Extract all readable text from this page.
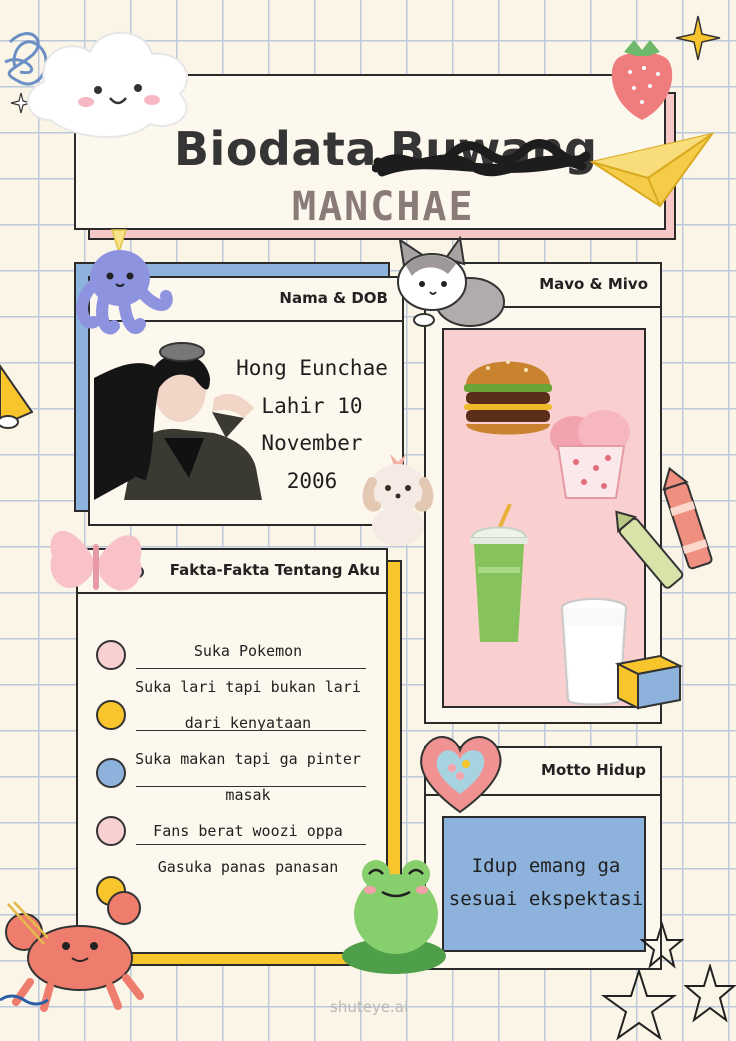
Biodata Buwang
MANCHAE
Nama & DOB
Hong Eunchae
Lahir 10
November
2006
Mavo & Mivo
Fakta-Fakta Tentang Aku
Suka Pokemon
Suka lari tapi bukan lari
dari kenyataan
Suka makan tapi ga pinter
masak
Fans berat woozi oppa
Gasuka panas panasan
Motto Hidup
Idup emang ga
sesuai ekspektasi
shuteye.ai
